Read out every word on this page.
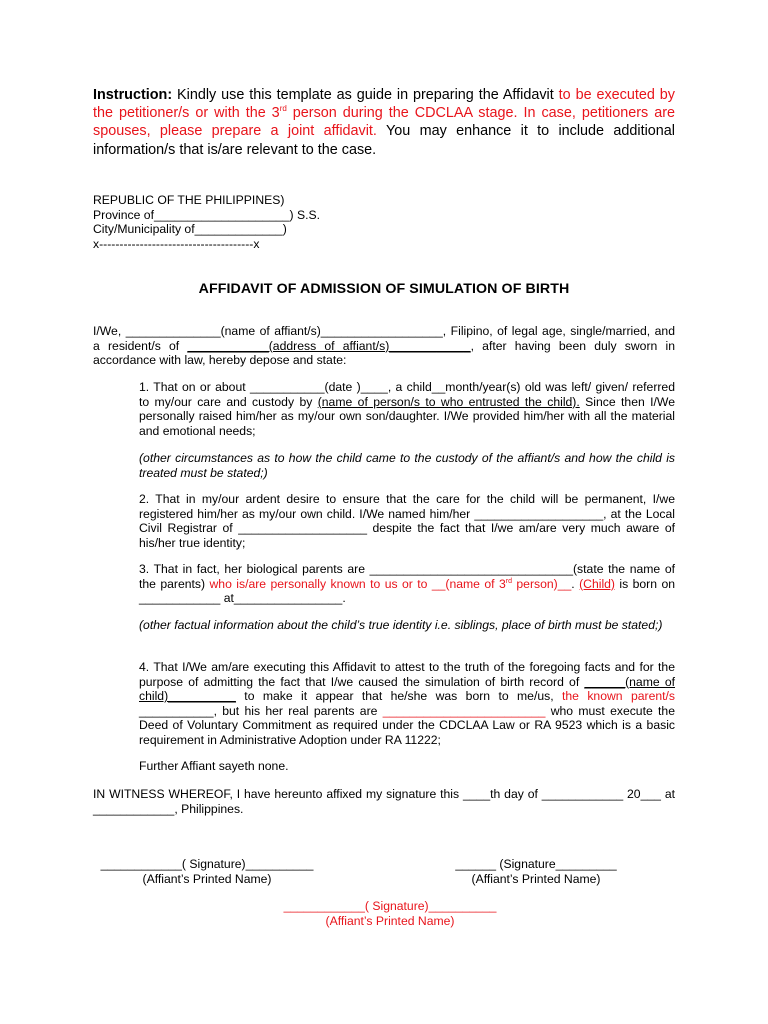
Instruction: Kindly use this template as guide in preparing the Affidavit to be executed by the petitioner/s or with the 3rd person during the CDCLAA stage. In case, petitioners are spouses, please prepare a joint affidavit. You may enhance it to include additional information/s that is/are relevant to the case.

REPUBLIC OF THE PHILIPPINES)
Province of____________________) S.S.
City/Municipality of_____________)
x--------------------------------------x
AFFIDAVIT OF ADMISSION OF SIMULATION OF BIRTH

I/We, ______________(name of affiant/s)__________________, Filipino, of legal age, single/married, and a resident/s of ____________(address of affiant/s)____________, after having been duly sworn in accordance with law, hereby depose and state:

1. That on or about ___________(date )____, a child__month/year(s) old was left/ given/ referred to my/our care and custody by (name of person/s to who entrusted the child). Since then I/We personally raised him/her as my/our own son/daughter. I/We provided him/her with all the material and emotional needs;

(other circumstances as to how the child came to the custody of the affiant/s and how the child is treated must be stated;)

2. That in my/our ardent desire to ensure that the care for the child will be permanent, I/we registered him/her as my/our own child. I/We named him/her ___________________, at the Local Civil Registrar of ___________________ despite the fact that I/we am/are very much aware of his/her true identity;

3. That in fact, her biological parents are ______________________________(state the name of the parents) who is/are personally known to us or to __(name of 3rd person)__. (Child) is born on ____________ at________________.

(other factual information about the child’s true identity i.e. siblings, place of birth must be stated;)

4. That I/We am/are executing this Affidavit to attest to the truth of the foregoing facts and for the purpose of admitting the fact that I/we caused the simulation of birth record of ______(name of child)__________ to make it appear that he/she was born to me/us, the known parent/s ___________, but his her real parents are ________________________ who must execute the Deed of Voluntary Commitment as required under the CDCLAA Law or RA 9523 which is a basic requirement in Administrative Adoption under RA 11222;

Further Affiant sayeth none.

IN WITNESS WHEREOF, I have hereunto affixed my signature this ____th day of ____________ 20___ at ____________, Philippines.

____________( Signature)__________
(Affiant’s Printed Name)
______ (Signature_________
(Affiant’s Printed Name)
____________( Signature)__________
(Affiant’s Printed Name)
